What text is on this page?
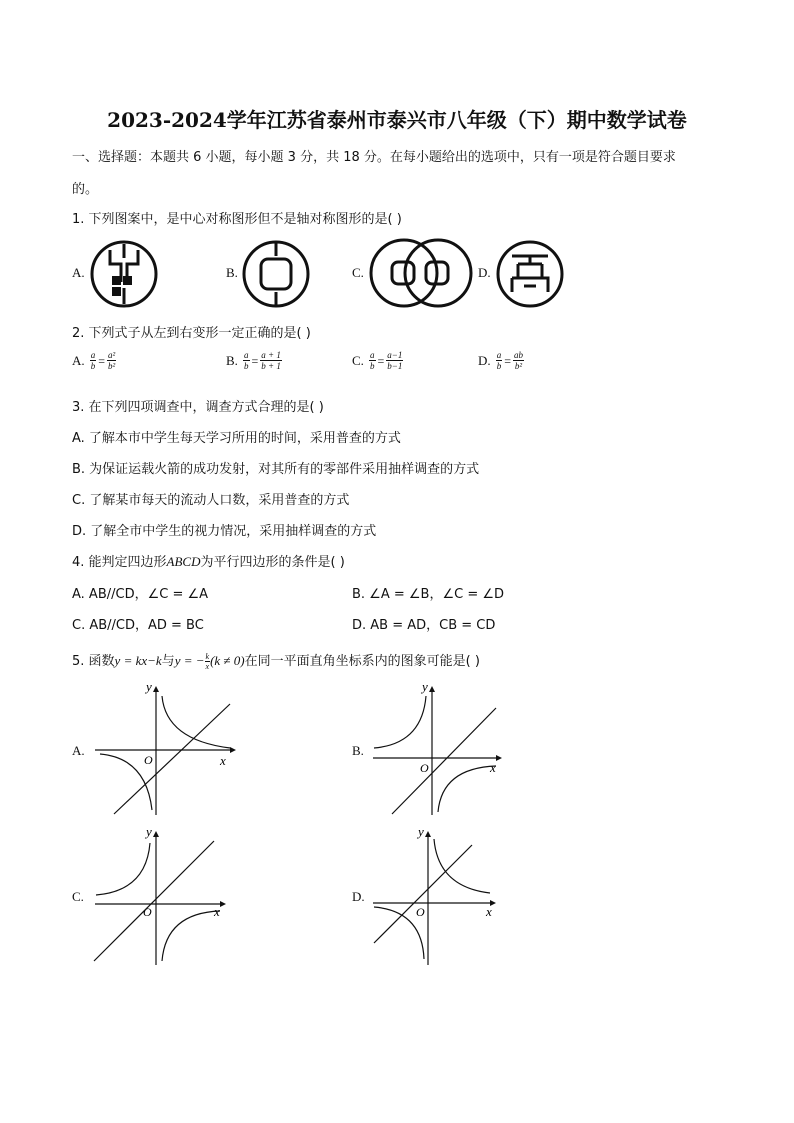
2023-2024学年江苏省泰州市泰兴市八年级（下）期中数学试卷
一、选择题：本题共 6 小题，每小题 3 分，共 18 分。在每小题给出的选项中，只有一项是符合题目要求
的。
1. 下列图案中，是中心对称图形但不是轴对称图形的是( )
A.	B.	C.	D.
2. 下列式子从左到右变形一定正确的是( )
A. $\frac{a}{b} = \frac{\text{a²}}{\text{b²}}$	B. $\frac{a}{b} = \frac{a + 1}{b + 1}$	C. $\frac{a}{b} = \frac{a-1}{b-1}$	D. $\frac{a}{b} = \frac{ab}{\text{b²}}$
3. 在下列四项调查中，调查方式合理的是( )
A. 了解本市中学生每天学习所用的时间，采用普查的方式
B. 为保证运载火箭的成功发射，对其所有的零部件采用抽样调查的方式
C. 了解某市每天的流动人口数，采用普查的方式
D. 了解全市中学生的视力情况，采用抽样调查的方式
4. 能判定四边形ABCD为平行四边形的条件是( )
A. AB//CD，∠C = ∠A	B. ∠A = ∠B，∠C = ∠D
C. AB//CD，AD = BC	D. AB = AD，CB = CD
5. 函数y = kx−k与y = − $\frac{k}{x} (k \ne 0)$在同一平面直角坐标系内的图象可能是( )
A.
y
x
O
B.
y
x
O
C.
y
x
O
D.
y
x
O
